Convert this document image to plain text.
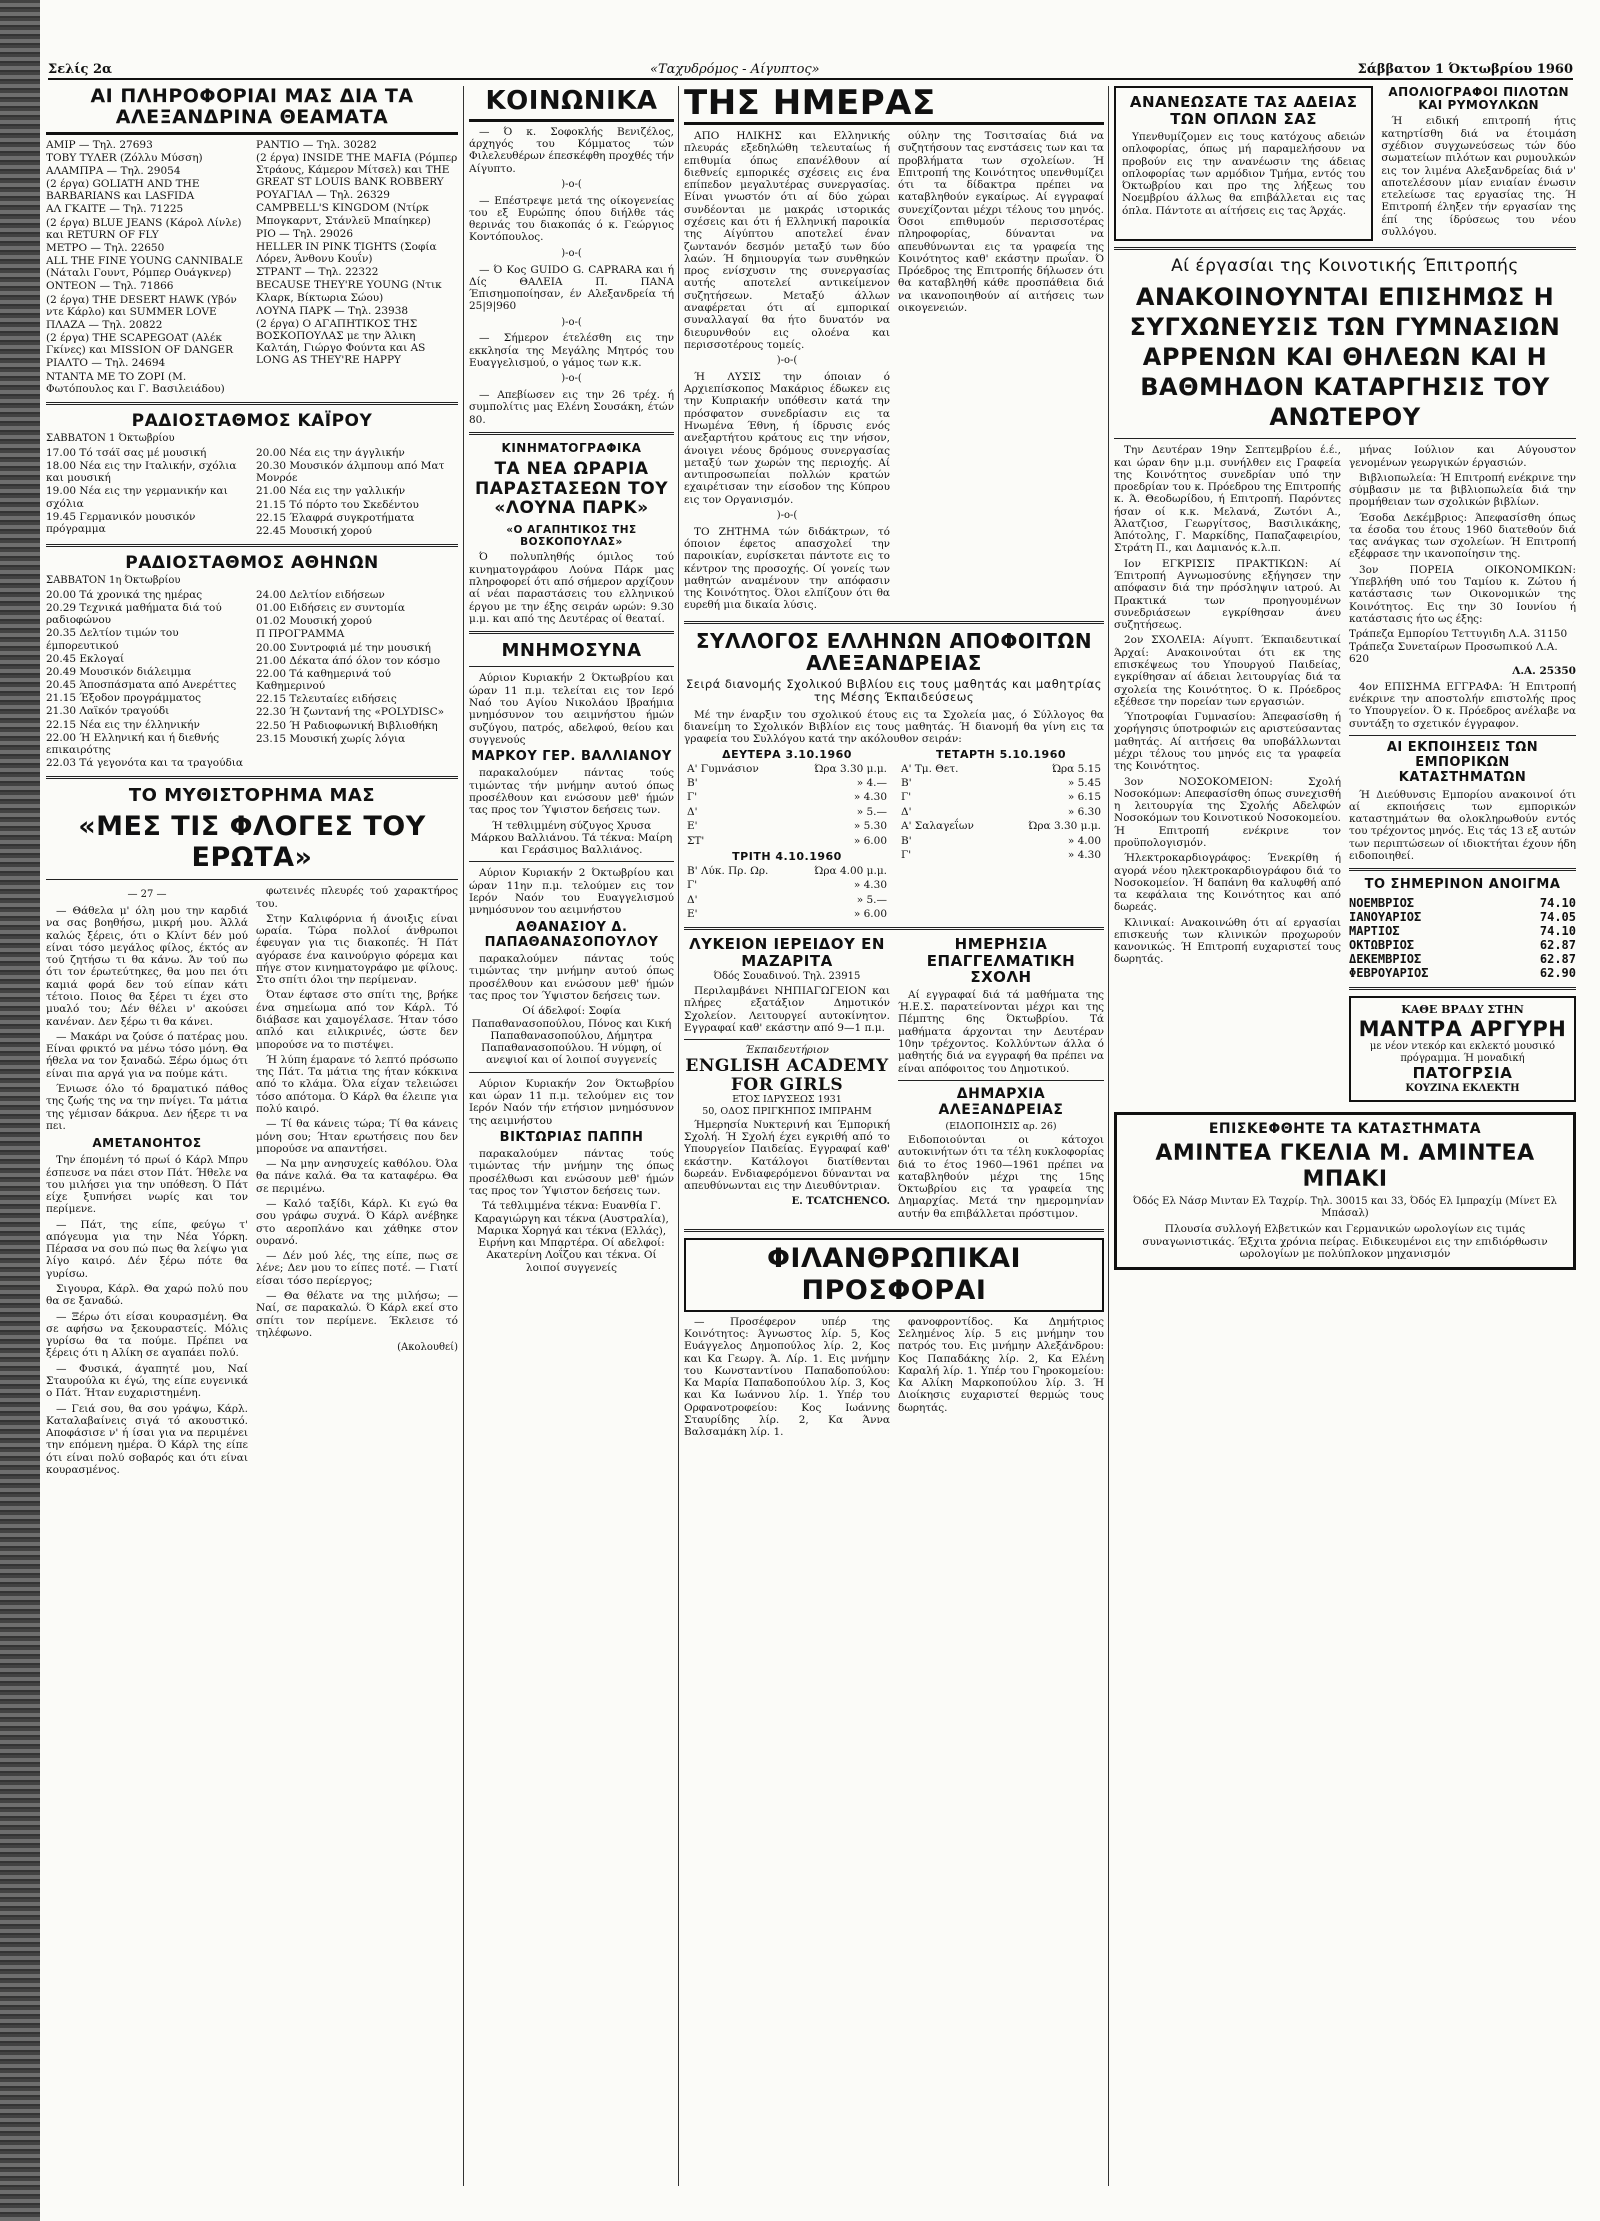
Σελίς 2α	«Ταχυδρόμος - Αίγυπτος»	Σάββατον 1 Όκτωβρίου 1960
ΑΙ ΠΛΗΡΟΦΟΡΙΑΙ ΜΑΣ ΔΙΑ ΤΑ ΑΛΕΞΑΝΔΡΙΝΑ ΘΕΑΜΑΤΑ
ΑΜΙΡ — Τηλ. 27693
ΤΟΒΥ ΤΥΛΕR (Ζόλλυ Μύσση)
ΑΛΑΜΠΡΑ — Τηλ. 29054
(2 έργα) GOLIATH AND THE BARBARIANS και LASFIDA
ΑΛ ΓΚΑΙΤΕ — Τηλ. 71225
(2 έργα) BLUE JEANS (Κάρολ Λίνλε) και RETURN OF FLY
ΜΕΤΡΟ — Τηλ. 22650
ALL THE FINE YOUNG CANNIBALE (Νάταλι Γουντ, Ρόμπερ Ουάγκνερ)
ΟΝΤΕΟΝ — Τηλ. 71866
(2 έργα) THE DESERT HAWK (Υβόν ντε Κάρλο) και SUMMER LOVE
ΠΛΑΖΑ — Τηλ. 20822
(2 έργα) THE SCAPEGOAT (Αλέκ Γκίνες) και MISSION OF DANGER
ΡΙΑΛΤΟ — Τηλ. 24694
ΝΤΑΝΤΑ ΜΕ ΤΟ ΖΟΡΙ (Μ. Φωτόπουλος και Γ. Βασιλειάδου)
ΡΑΝΤΙΟ — Τηλ. 30282
(2 έργα) INSIDE THE MAFIA (Ρόμπερ Στράους, Κάμερον Μίτσελ) και THE GREAT ST LOUIS BANK ROBBERY
ΡΟΥΑΓΙΑΛ — Τηλ. 26329
CAMPBELL'S KINGDOM (Ντίρκ Μπογκαρντ, Στάνλεϋ Μπαίηκερ)
ΡΙΟ — Τηλ. 29026
HELLER IN PINK TIGHTS (Σοφία Λόρεν, Άνθονυ Κουΐν)
ΣΤΡΑΝΤ — Τηλ. 22322
BECAUSE THEY'RE YOUNG (Ντικ Κλαρκ, Βίκτωρια Σώου)
ΛΟΥΝΑ ΠΑΡΚ — Τηλ. 23938
(2 έργα) Ο ΑΓΑΠΗΤΙΚΟΣ ΤΗΣ ΒΟΣΚΟΠΟΥΛΑΣ με την Άλικη Καλτάη, Γιώργο Φούντα και AS LONG AS THEY'RE HAPPY
ΡΑΔΙΟΣΤΑΘΜΟΣ ΚΑΪΡΟΥ
ΣΑΒΒΑΤΟΝ 1 Όκτωβρίου
17.00 Τό τσάϊ σας μέ μουσική
18.00 Νέα εις την Ιταλικήν, σχόλια και μουσική
19.00 Νέα εις την γερμανικήν και σχόλια
19.45 Γερμανικόν μουσικόν πρόγραμμα
20.00 Νέα εις την άγγλικήν
20.30 Μουσικόν άλμπουμ από Ματ Μονρόε
21.00 Νέα εις την γαλλικήν
21.15 Τό πόρτο του Σκεδέντου
22.15 Έλαφρά συγκροτήματα
22.45 Μουσική χορού
ΡΑΔΙΟΣΤΑΘΜΟΣ ΑΘΗΝΩΝ
ΣΑΒΒΑΤΟΝ 1η Όκτωβρίου
20.00 Τά χρονικά της ημέρας
20.29 Τεχνικά μαθήματα διά τού ραδιοφώνου
20.35 Δελτίον τιμών του έμπορευτικού
20.45 Εκλογαί
20.49 Μουσικόν διάλειμμα
20.45 Άποσπάσματα από Ανερέττες
21.15 Έξοδον προγράμματος
21.30 Λαϊκόν τραγούδι
22.15 Νέα εις την έλληνικήν
22.00 Ή Ελληνική και ή διεθνής επικαιρότης
22.03 Τά γεγονότα και τα τραγούδια
24.00 Δελτίον ειδήσεων
01.00 Ειδήσεις εν συντομία
01.02 Μουσική χορού
Π ΠΡΟΓΡΑΜΜΑ
20.00 Συντροφιά μέ την μουσική
21.00 Δέκατα άπό όλον τον κόσμο
22.00 Τά καθημερινά τού Καθημερινού
22.15 Τελευταίες ειδήσεις
22.30 Ή ζωντανή της «POLYDISC»
22.50 Ή Ραδιοφωνική Βιβλιοθήκη
23.15 Μουσική χωρίς λόγια
ΤΟ ΜΥΘΙΣΤΟΡΗΜΑ ΜΑΣ
«ΜΕΣ ΤΙΣ ΦΛΟΓΕΣ ΤΟΥ ΕΡΩΤΑ»
— 27 —

— Θάθελα μ' όλη μου την καρδιά να σας βοηθήσω, μικρή μου. Άλλά καλώς ξέρεις, ότι ο Κλίντ δέν μού είναι τόσο μεγάλος φίλος, έκτός αν τού ζητήσω τι θα κάνω. Άν τού πω ότι τον έρωτεύτηκες, θα μου πει ότι καμιά φορά δεν τού είπαν κάτι τέτοιο. Ποιος θα ξέρει τι έχει στο μυαλό του; Δέν θέλει ν' ακούσει κανέναν. Δεν ξέρω τι θα κάνει.

— Μακάρι να ζούσε ό πατέρας μου. Είναι φρικτό να μένω τόσο μόνη. Θα ήθελα να τον ξαναδώ. Ξέρω όμως ότι είναι πια αργά για να πούμε κάτι.

Ένιωσε όλο τό δραματικό πάθος της ζωής της να την πνίγει. Τα μάτια της γέμισαν δάκρυα. Δεν ήξερε τι να πει.

ΑΜΕΤΑΝΟΗΤΟΣ

Την έπομένη τό πρωί ό Κάρλ Μπρυ έσπευσε να πάει στον Πάτ. Ήθελε να του μιλήσει για την υπόθεση. Ό Πάτ είχε ξυπνήσει νωρίς και τον περίμενε.

— Πάτ, της είπε, φεύγω τ' απόγευμα για την Νέα Υόρκη. Πέρασα να σου πώ πως θα λείψω για λίγο καιρό. Δέν ξέρω πότε θα γυρίσω.

Σιγουρα, Κάρλ. Θα χαρώ πολύ που θα σε ξαναδώ.

— Ξέρω ότι είσαι κουρασμένη. Θα σε αφήσω να ξεκουραστείς. Μόλις γυρίσω θα τα πούμε. Πρέπει να ξέρεις ότι η Αλίκη σε αγαπάει πολύ.

— Φυσικά, άγαπητέ μου, Ναί Σταυρούλα κι έγώ, της είπε ευγενικά ο Πάτ. Ήταν ευχαριστημένη.

— Γειά σου, θα σου γράψω, Κάρλ. Καταλαβαίνεις σιγά τό ακουστικό. Αποφάσισε ν' ή ίσαι για να περιμένει την επόμενη ημέρα. Ό Κάρλ της είπε ότι είναι πολύ σοβαρός και ότι είναι κουρασμένος.

φωτεινές πλευρές τού χαρακτήρος του.

Στην Καλιφόρνια ή άνοιξις είναι ωραία. Τώρα πολλοί άνθρωποι έφευγαν για τις διακοπές. Ή Πάτ αγόρασε ένα καινούργιο φόρεμα και πήγε στον κινηματογράφο με φίλους. Στο σπίτι όλοι την περίμεναν.

Όταν έφτασε στο σπίτι της, βρήκε ένα σημείωμα από τον Κάρλ. Τό διάβασε και χαμογέλασε. Ήταν τόσο απλό και ειλικρινές, ώστε δεν μπορούσε να το πιστέψει.

Ή λύπη έμαρανε τό λεπτό πρόσωπο της Πάτ. Τα μάτια της ήταν κόκκινα από το κλάμα. Όλα είχαν τελειώσει τόσο απότομα. Ό Κάρλ θα έλειπε για πολύ καιρό.

— Τί θα κάνεις τώρα; Τί θα κάνεις μόνη σου; Ήταν ερωτήσεις που δεν μπορούσε να απαντήσει.

— Να μην ανησυχείς καθόλου. Όλα θα πάνε καλά. Θα τα καταφέρω. Θα σε περιμένω.

— Καλό ταξίδι, Κάρλ. Κι εγώ θα σου γράφω συχνά. Ό Κάρλ ανέβηκε στο αεροπλάνο και χάθηκε στον ουρανό.

— Δέν μού λές, της είπε, πως σε λένε; Δεν μου το είπες ποτέ. — Γιατί είσαι τόσο περίεργος;

— Θα θέλατε να της μιλήσω; — Ναί, σε παρακαλώ. Ό Κάρλ εκεί στο σπίτι τον περίμενε. Έκλεισε τό τηλέφωνο.

(Ακολουθεί)
ΚΟΙΝΩΝΙΚΑ

— Ό κ. Σοφοκλής Βενιζέλος, άρχηγός του Κόμματος τών Φιλελευθέρων έπεσκέφθη προχθές τήν Αίγυπτο.

)-o-(

— Επέστρεψε μετά της οίκογενείας του εξ Ευρώπης όπου διήλθε τάς θερινάς του διακοπάς ό κ. Γεώργιος Κοντόπουλος.

)-o-(

— Ό Κος GUIDO G. CAPRARA και ή Δίς ΘΑΛΕΙΑ Π. ΠΑΝΑ Έπισημοποίησαν, έν Αλεξανδρεία τή 25|9|960

)-o-(

— Σήμερον έτελέσθη εις την εκκλησία της Μεγάλης Μητρός του Ευαγγελισμού, ο γάμος των κ.κ.

)-o-(

— Απεβίωσεν εις την 26 τρέχ. ή συμπολίτις μας Ελένη Σουσάκη, έτών 80.

ΚΙΝΗΜΑΤΟΓΡΑΦΙΚΑ
ΤΑ ΝΕΑ ΩΡΑΡΙΑ ΠΑΡΑΣΤΑΣΕΩΝ ΤΟΥ «ΛΟΥΝΑ ΠΑΡΚ»
«Ο ΑΓΑΠΗΤΙΚΟΣ ΤΗΣ ΒΟΣΚΟΠΟΥΛΑΣ»

Ό πολυπληθής όμιλος τού κινηματογράφου Λούνα Πάρκ μας πληροφορεί ότι από σήμερον αρχίζουν αί νέαι παραστάσεις του ελληνικού έργου με την έξης σειράν ωρών: 9.30 μ.μ. και από της Δευτέρας οί θεαταί.

ΜΝΗΜΟΣΥΝΑ

Αύριον Κυριακήν 2 Όκτωβρίου και ώραν 11 π.μ. τελείται εις τον Ιερό Ναό του Αγίου Νικολάου Ιβραήμια μνημόσυνον του αειμνήστου ήμών συζύγου, πατρός, αδελφού, θείου και συγγενούς

ΜΑΡΚΟΥ ΓΕΡ. ΒΑΛΛΙΑΝΟΥ

παρακαλούμεν πάντας τούς τιμώντας τήν μνήμην αυτού όπως προσέλθουν και ενώσουν μεθ' ήμών τας προς τον Ύψιστον δεήσεις των.

Ή τεθλιμμένη σύζυγος Χρυσα Μάρκου Βαλλιάνου. Τά τέκνα: Μαίρη και Γεράσιμος Βαλλιάνος.

Αύριον Κυριακήν 2 Όκτωβρίου και ώραν 11ην π.μ. τελούμεν εις τον Ιερόν Ναόν του Ευαγγελισμού μνημόσυνον του αειμνήστου

ΑΘΑΝΑΣΙΟΥ Δ. ΠΑΠΑΘΑΝΑΣΟΠΟΥΛΟΥ

παρακαλούμεν πάντας τούς τιμώντας την μνήμην αυτού όπως προσέλθουν και ενώσουν μεθ' ήμών τας προς τον Ύψιστον δεήσεις των.

Οί άδελφοί: Σοφία Παπαθανασοπούλου, Πόνος και Κική Παπαθανασοπούλου, Δήμητρα Παπαθανασοπούλου. Ή νύμφη, οί ανεψιοί και οί λοιποί συγγενείς

Αύριον Κυριακήν 2ον Όκτωβρίου και ώραν 11 π.μ. τελούμεν εις τον Ιερόν Ναόν τήν ετήσιον μνημόσυνον της αειμνήστου

ΒΙΚΤΩΡΙΑΣ ΠΑΠΠΗ

παρακαλούμεν πάντας τούς τιμώντας τήν μνήμην της όπως προσέλθωσι και ενώσουν μεθ' ήμών τας προς τον Ύψιστον δεήσεις των.

Τά τεθλιμμένα τέκνα: Ευανθία Γ. Καραγιώργη και τέκνα (Αυστραλία), Μαρικα Χορηγά και τέκνα (Ελλάς), Ειρήνη και Μπαρτέρα. Οί αδελφοί: Ακατερίνη Λοΐζου και τέκνα. Οί λοιποί συγγενείς

ΤΗΣ ΗΜΕΡΑΣ

ΑΠΟ ΗΛΙΚΗΣ και Ελληνικής πλευράς εξεδηλώθη τελευταίως ή επιθυμία όπως επανέλθουν αί διεθνείς εμπορικές σχέσεις εις ένα επίπεδον μεγαλυτέρας συνεργασίας. Είναι γνωστόν ότι αί δύο χώραι συνδέονται με μακράς ιστορικάς σχέσεις και ότι ή Ελληνική παροικία της Αίγύπτου αποτελεί έναν ζωντανόν δεσμόν μεταξύ των δύο λαών. Ή δημιουργία των συνθηκών προς ενίσχυσιν της συνεργασίας αυτής αποτελεί αντικείμενον συζητήσεων. Μεταξύ άλλων αναφέρεται ότι αί εμπορικαί συναλλαγαί θα ήτο δυνατόν να διευρυνθούν εις ολοένα και περισσοτέρους τομείς.

)-o-(

Ή ΛΥΣΙΣ την όποιαν ό Αρχιεπίσκοπος Μακάριος έδωκεν εις την Κυπριακήν υπόθεσιν κατά την πρόσφατον συνεδρίασιν εις τα Ηνωμένα Έθνη, ή ίδρυσις ενός ανεξαρτήτου κράτους εις την νήσον, άνοιγει νέους δρόμους συνεργασίας μεταξύ των χωρών της περιοχής. Αί αντιπροσωπείαι πολλών κρατών εχαιρέτισαν την είσοδον της Κύπρου εις τον Οργανισμόν.

)-o-(

ΤΟ ΖΗΤΗΜΑ τών διδάκτρων, τό όποιον έφετος απασχολεί την παροικίαν, ευρίσκεται πάντοτε εις το κέντρον της προσοχής. Οί γονείς των μαθητών αναμένουν την απόφασιν της Κοινότητος. Όλοι ελπίζουν ότι θα ευρεθή μια δικαία λύσις.

ούλην της Τοσιτσαίας διά να συζητήσουν τας ενστάσεις των και τα προβλήματα των σχολείων. Ή Επιτροπή της Κοινότητος υπενθυμίζει ότι τα δίδακτρα πρέπει να καταβληθούν εγκαίρως. Αί εγγραφαί συνεχίζονται μέχρι τέλους του μηνός. Όσοι επιθυμούν περισσοτέρας πληροφορίας, δύνανται να απευθύνωνται εις τα γραφεία της Κοινότητος καθ' εκάστην πρωΐαν. Ό Πρόεδρος της Επιτροπής δήλωσεν ότι θα καταβληθή κάθε προσπάθεια διά να ικανοποιηθούν αί αιτήσεις των οικογενειών.

ΣΥΛΛΟΓΟΣ ΕΛΛΗΝΩΝ ΑΠΟΦΟΙΤΩΝ ΑΛΕΞΑΝΔΡΕΙΑΣ
Σειρά διανομής Σχολικού Βιβλίου εις τους μαθητάς και μαθητρίας της Μέσης Έκπαιδεύσεως

Μέ την έναρξιν του σχολικού έτους εις τα Σχολεία μας, ό Σύλλογος θα διανείμη το Σχολικόν Βιβλίον εις τους μαθητάς. Ή διανομή θα γίνη εις τα γραφεία του Συλλόγου κατά την ακόλουθον σειράν:

ΔΕΥΤΕΡΑ 3.10.1960
Α' Γυμνάσιον	Ώρα 3.30 μ.μ.
Β'	» 4.—
Γ'	» 4.30
Δ'	» 5.—
Ε'	» 5.30
ΣΤ'	» 6.00
ΤΡΙΤΗ 4.10.1960
Β' Λύκ. Πρ. Ωρ.	Ώρα 4.00 μ.μ.
Γ'	» 4.30
Δ'	» 5.—
Ε'	» 6.00
ΤΕΤΑΡΤΗ 5.10.1960
Α' Τμ. Θετ.	Ώρα 5.15
Β'	» 5.45
Γ'	» 6.15
Δ'	» 6.30
Α' Σαλαγεΐων	Ώρα 3.30 μ.μ.
Β'	» 4.00
Γ'	» 4.30
ΛΥΚΕΙΟΝ ΙΕΡΕΙΔΟΥ ΕΝ ΜΑΖΑΡΙΤΑ
Όδός Σουαδινού. Τηλ. 23915

Περιλαμβάνει ΝΗΠΙΑΓΩΓΕΙΟΝ και πλήρες εξατάξιον Δημοτικόν Σχολείον. Λειτουργεί αυτοκίνητον. Εγγραφαί καθ' εκάστην από 9—1 π.μ.

Έκπαιδευτήριον
ENGLISH ACADEMY FOR GIRLS
ΕΤΟΣ ΙΔΡΥΣΕΩΣ 1931
50, ΟΔΟΣ ΠΡΙΓΚΗΠΟΣ ΙΜΠΡΑΗΜ

Ήμερησία Νυκτερινή και Έμπορική Σχολή. Ή Σχολή έχει εγκριθή από το Υπουργείον Παιδείας. Εγγραφαί καθ' εκάστην. Κατάλογοι διατίθενται δωρεάν. Ενδιαφερόμενοι δύνανται να απευθύνωνται εις την Διευθύντριαν.

Ε. TCATCHENCO.
ΗΜΕΡΗΣΙΑ ΕΠΑΓΓΕΛΜΑΤΙΚΗ ΣΧΟΛΗ

Αί εγγραφαί διά τά μαθήματα της Ή.Ε.Σ. παρατείνονται μέχρι και της Πέμπτης 6ης Όκτωβρίου. Τά μαθήματα άρχονται την Δευτέραν 10ην τρέχοντος. Κολλύντων άλλα ό μαθητής διά να εγγραφή θα πρέπει να είναι απόφοιτος του Δημοτικού.

ΔΗΜΑΡΧΙΑ ΑΛΕΞΑΝΔΡΕΙΑΣ
(ΕΙΔΟΠΟΙΗΣΙΣ αρ. 26)

Ειδοποιούνται οι κάτοχοι αυτοκινήτων ότι τα τέλη κυκλοφορίας διά το έτος 1960—1961 πρέπει να καταβληθούν μέχρι της 15ης Όκτωβρίου εις τα γραφεία της Δημαρχίας. Μετά την ημερομηνίαν αυτήν θα επιβάλλεται πρόστιμον.

ΦΙΛΑΝΘΡΩΠΙΚΑΙ ΠΡΟΣΦΟΡΑΙ

— Προσέφερον υπέρ της Κοινότητος: Άγνωστος λίρ. 5, Κος Ευάγγελος Δημοπούλος λίρ. 2, Κος και Κα Γεωργ. Ά. Λίρ. 1. Εις μνήμην του Κωνσταντίνου Παπαδοπούλου: Κα Μαρία Παπαδοπούλου λίρ. 3, Κος και Κα Ιωάννου λίρ. 1. Υπέρ του Ορφανοτροφείου: Κος Ιωάννης Σταυρίδης λίρ. 2, Κα Άννα Βαλσαμάκη λίρ. 1.

φανοφροντίδος. Κα Δημήτριος Σελημένος λίρ. 5 εις μνήμην του πατρός του. Εις μνήμην Αλεξάνδρου: Κος Παπαδάκης λίρ. 2, Κα Ελένη Καραλή λίρ. 1. Υπέρ του Γηροκομείου: Κα Αλίκη Μαρκοπούλου λίρ. 3. Ή Διοίκησις ευχαριστεί θερμώς τους δωρητάς.

ΑΝΑΝΕΩΣΑΤΕ ΤΑΣ ΑΔΕΙΑΣ ΤΩΝ ΟΠΛΩΝ ΣΑΣ

Υπενθυμίζομεν εις τους κατόχους αδειών οπλοφορίας, όπως μή παραμελήσουν να προβούν εις την ανανέωσιν της άδειας οπλοφορίας των αρμόδιον Τμήμα, εντός του Όκτωβρίου και προ της λήξεως του Νοεμβρίου άλλως θα επιβάλλεται εις τας όπλα. Πάντοτε αι αίτήσεις εις τας Άρχάς.

ΑΠΟΛΙΟΓΡΑΦΟΙ ΠΙΛΟΤΩΝ ΚΑΙ ΡΥΜΟΥΛΚΩΝ

Ή ειδική επιτροπή ήτις κατηρτίσθη διά να έτοιμάση σχέδιον συγχωνεύσεως τών δύο σωματείων πιλότων και ρυμουλκών εις τον λιμένα Αλεξανδρείας διά ν' αποτελέσουν μίαν ενιαίαν ένωσιν ετελείωσε τας εργασίας της. Ή Επιτροπή έληξεν τήν εργασίαν της έπί της ίδρύσεως του νέου συλλόγου.

Αί έργασίαι της Κοινοτικής Έπιτροπής
ΑΝΑΚΟΙΝΟΥΝΤΑΙ ΕΠΙΣΗΜΩΣ Η ΣΥΓΧΩΝΕΥΣΙΣ ΤΩΝ ΓΥΜΝΑΣΙΩΝ ΑΡΡΕΝΩΝ ΚΑΙ ΘΗΛΕΩΝ ΚΑΙ Η ΒΑΘΜΗΔΟΝ ΚΑΤΑΡΓΗΣΙΣ ΤΟΥ ΑΝΩΤΕΡΟΥ

Την Δευτέραν 19ην Σεπτεμβρίου έ.έ., και ώραν 6ην μ.μ. συνήλθεν εις Γραφεία της Κοινότητος συνεδρίαν υπό την προεδρίαν του κ. Πρόεδρου της Επιτροπής κ. Ά. Θεοδωρίδου, ή Επιτροπή. Παρόντες ήσαν οί κ.κ. Μελανά, Ζωτόνι Α., Άλατζιοσ, Γεωργίτσος, Βασιλικάκης, Άπότολης, Γ. Μαρκίδης, Παπαζαφειρίου, Στράτη Π., και Δαμιανός κ.λ.π.

Ιον ΕΓΚΡΙΣΙΣ ΠΡΑΚΤΙΚΩΝ: Αί Έπιτροπή Αγνωμοσύνης εξήγησεν την απόφασιν διά την πρόσληψιν ιατρού. Αι Πρακτικά των προηγουμένων συνεδριάσεων εγκρίθησαν άνευ συζητήσεως.

2ον ΣΧΟΛΕΙΑ: Αίγυπτ. Έκπαιδευτικαί Άρχαί: Ανακοινούται ότι εκ της επισκέψεως του Υπουργού Παιδείας, εγκρίθησαν αί άδειαι λειτουργίας διά τα σχολεία της Κοινότητος. Ό κ. Πρόεδρος εξέθεσε την πορείαν των εργασιών.

Ύποτροφίαι Γυμνασίου: Άπεφασίσθη ή χορήγησις ύποτροφιών εις αριστεύσαντας μαθητάς. Αί αιτήσεις θα υποβάλλωνται μέχρι τέλους του μηνός εις τα γραφεία της Κοινότητος.

3ον ΝΟΣΟΚΟΜΕΙΟΝ: Σχολή Νοσοκόμων: Απεφασίσθη όπως συνεχισθή η λειτουργία της Σχολής Αδελφών Νοσοκόμων του Κοινοτικού Νοσοκομείου. Ή Επιτροπή ενέκρινε τον προϋπολογισμόν.

Ήλεκτροκαρδιογράφος: Ένεκρίθη ή αγορά νέου ηλεκτροκαρδιογράφου διά το Νοσοκομείον. Ή δαπάνη θα καλυφθή από τα κεφάλαια της Κοινότητος και από δωρεάς.

Κλινικαί: Ανακοινώθη ότι αί εργασίαι επισκευής των κλινικών προχωρούν κανονικώς. Ή Επιτροπή ευχαριστεί τους δωρητάς.

μήνας Ιούλιον και Αύγουστον γενομένων γεωργικών έργασιών.

Βιβλιοπωλεία: Ή Επιτροπή ενέκρινε την σύμβασιν με τα βιβλιοπωλεία διά την προμήθειαν των σχολικών βιβλίων.

Έσοδα Δεκέμβριος: Άπεφασίσθη όπως τα έσοδα του έτους 1960 διατεθούν διά τας ανάγκας των σχολείων. Ή Επιτροπή εξέφρασε την ικανοποίησιν της.

3ον ΠΟΡΕΙΑ ΟΙΚΟΝΟΜΙΚΩΝ: Ύπεβλήθη υπό του Ταμίου κ. Ζώτου ή κατάστασις των Οικονομικών της Κοινότητος. Εις την 30 Ιουνίου ή κατάστασις ήτο ως έξης:

Τράπεζα Εμπορίου Τεττυγιδη Λ.Α. 31150
Τράπεζα Συνεταίρων Προσωπικού Λ.Α. 620
Λ.Α. 25350

4ον ΕΠΙΣΗΜΑ ΕΓΓΡΑΦΑ: Ή Επιτροπή ενέκρινε την αποστολήν επιστολής προς το Υπουργείον. Ό κ. Πρόεδρος ανέλαβε να συντάξη το σχετικόν έγγραφον.

ΑΙ ΕΚΠΟΙΗΣΕΙΣ ΤΩΝ ΕΜΠΟΡΙΚΩΝ ΚΑΤΑΣΤΗΜΑΤΩΝ

Ή Διεύθυνσις Εμπορίου ανακοινοί ότι αί εκποιήσεις των εμπορικών καταστημάτων θα ολοκληρωθούν εντός του τρέχοντος μηνός. Εις τάς 13 εξ αυτών των περιπτώσεων οί ιδιοκτήται έχουν ήδη ειδοποιηθεί.

ΤΟ ΣΗΜΕΡΙΝΟΝ ΑΝΟΙΓΜΑ
ΝΟΕΜΒΡΙΟΣ	74.10
ΙΑΝΟΥΑΡΙΟΣ	74.05
ΜΑΡΤΙΟΣ	74.10
ΟΚΤΩΒΡΙΟΣ	62.87
ΔΕΚΕΜΒΡΙΟΣ	62.87
ΦΕΒΡΟΥΑΡΙΟΣ	62.90
ΚΑΘΕ ΒΡΑΔΥ ΣΤΗΝ
ΜΑΝΤΡΑ ΑΡΓΥΡΗ
με νέον ντεκόρ και εκλεκτό μουσικό πρόγραμμα. Ή μοναδική
ΠΑΤΟΓΡΣΙΑ
ΚΟΥΖΙΝΑ ΕΚΛΕΚΤΗ
ΕΠΙΣΚΕΦΘΗΤΕ ΤΑ ΚΑΤΑΣΤΗΜΑΤΑ
ΑΜΙΝΤΕΑ ΓΚΕΛΙΑ Μ. ΑΜΙΝΤΕΑ ΜΠΑΚΙ
Όδός Ελ Νάσρ Μινταν Ελ Ταχρίρ. Τηλ. 30015 και 33, Όδός Ελ Ιμπραχίμ (Μίνετ Ελ Μπάσαλ)
Πλουσία συλλογή Ελβετικών και Γερμανικών ωρολογίων εις τιμάς συναγωνιστικάς. Έξχιτα χρόνια πείρας. Ειδικευμένοι εις την επιδιόρθωσιν ωρολογίων με πολύπλοκον μηχανισμόν
